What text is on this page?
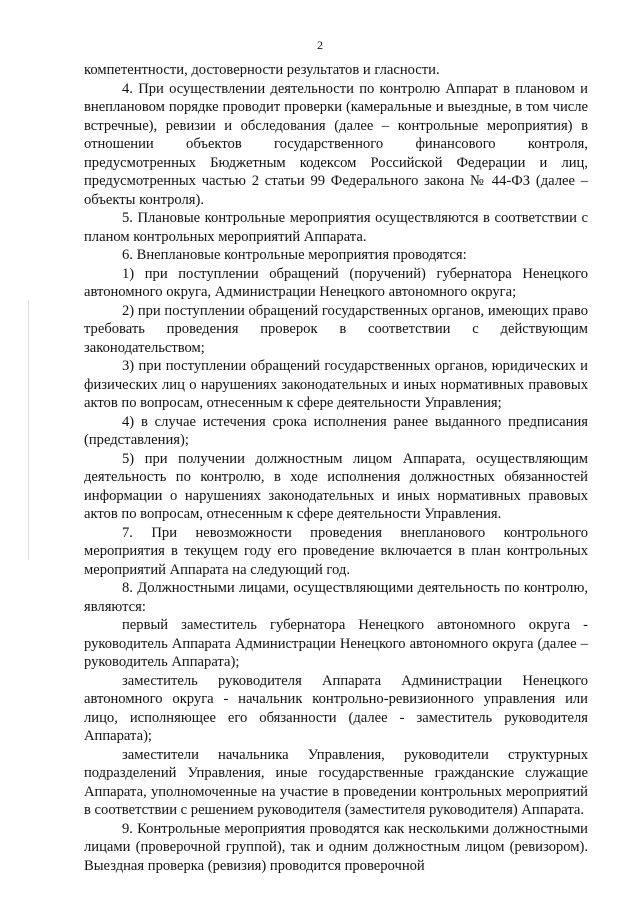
2

компетентности, достоверности результатов и гласности.

4. При осуществлении деятельности по контролю Аппарат в плановом и внеплановом порядке проводит проверки (камеральные и выездные, в том числе встречные), ревизии и обследования (далее – контрольные мероприятия) в отношении объектов государственного финансового контроля, предусмотренных Бюджетным кодексом Российской Федерации и лиц, предусмотренных частью 2 статьи 99 Федерального закона № 44-ФЗ (далее – объекты контроля).

5. Плановые контрольные мероприятия осуществляются в соответствии с планом контрольных мероприятий Аппарата.

6. Внеплановые контрольные мероприятия проводятся:

1) при поступлении обращений (поручений) губернатора Ненецкого автономного округа, Администрации Ненецкого автономного округа;

2) при поступлении обращений государственных органов, имеющих право требовать проведения проверок в соответствии с действующим законодательством;

3) при поступлении обращений государственных органов, юридических и физических лиц о нарушениях законодательных и иных нормативных правовых актов по вопросам, отнесенным к сфере деятельности Управления;

4) в случае истечения срока исполнения ранее выданного предписания (представления);

5) при получении должностным лицом Аппарата, осуществляющим деятельность по контролю, в ходе исполнения должностных обязанностей информации о нарушениях законодательных и иных нормативных правовых актов по вопросам, отнесенным к сфере деятельности Управления.

7. При невозможности проведения внепланового контрольного мероприятия в текущем году его проведение включается в план контрольных мероприятий Аппарата на следующий год.

8. Должностными лицами, осуществляющими деятельность по контролю, являются:

первый заместитель губернатора Ненецкого автономного округа - руководитель Аппарата Администрации Ненецкого автономного округа (далее – руководитель Аппарата);

заместитель руководителя Аппарата Администрации Ненецкого автономного округа - начальник контрольно-ревизионного управления или лицо, исполняющее его обязанности (далее - заместитель руководителя Аппарата);

заместители начальника Управления, руководители структурных подразделений Управления, иные государственные гражданские служащие Аппарата, уполномоченные на участие в проведении контрольных мероприятий в соответствии с решением руководителя (заместителя руководителя) Аппарата.

9. Контрольные мероприятия проводятся как несколькими должностными лицами (проверочной группой), так и одним должностным лицом (ревизором). Выездная проверка (ревизия) проводится проверочной
